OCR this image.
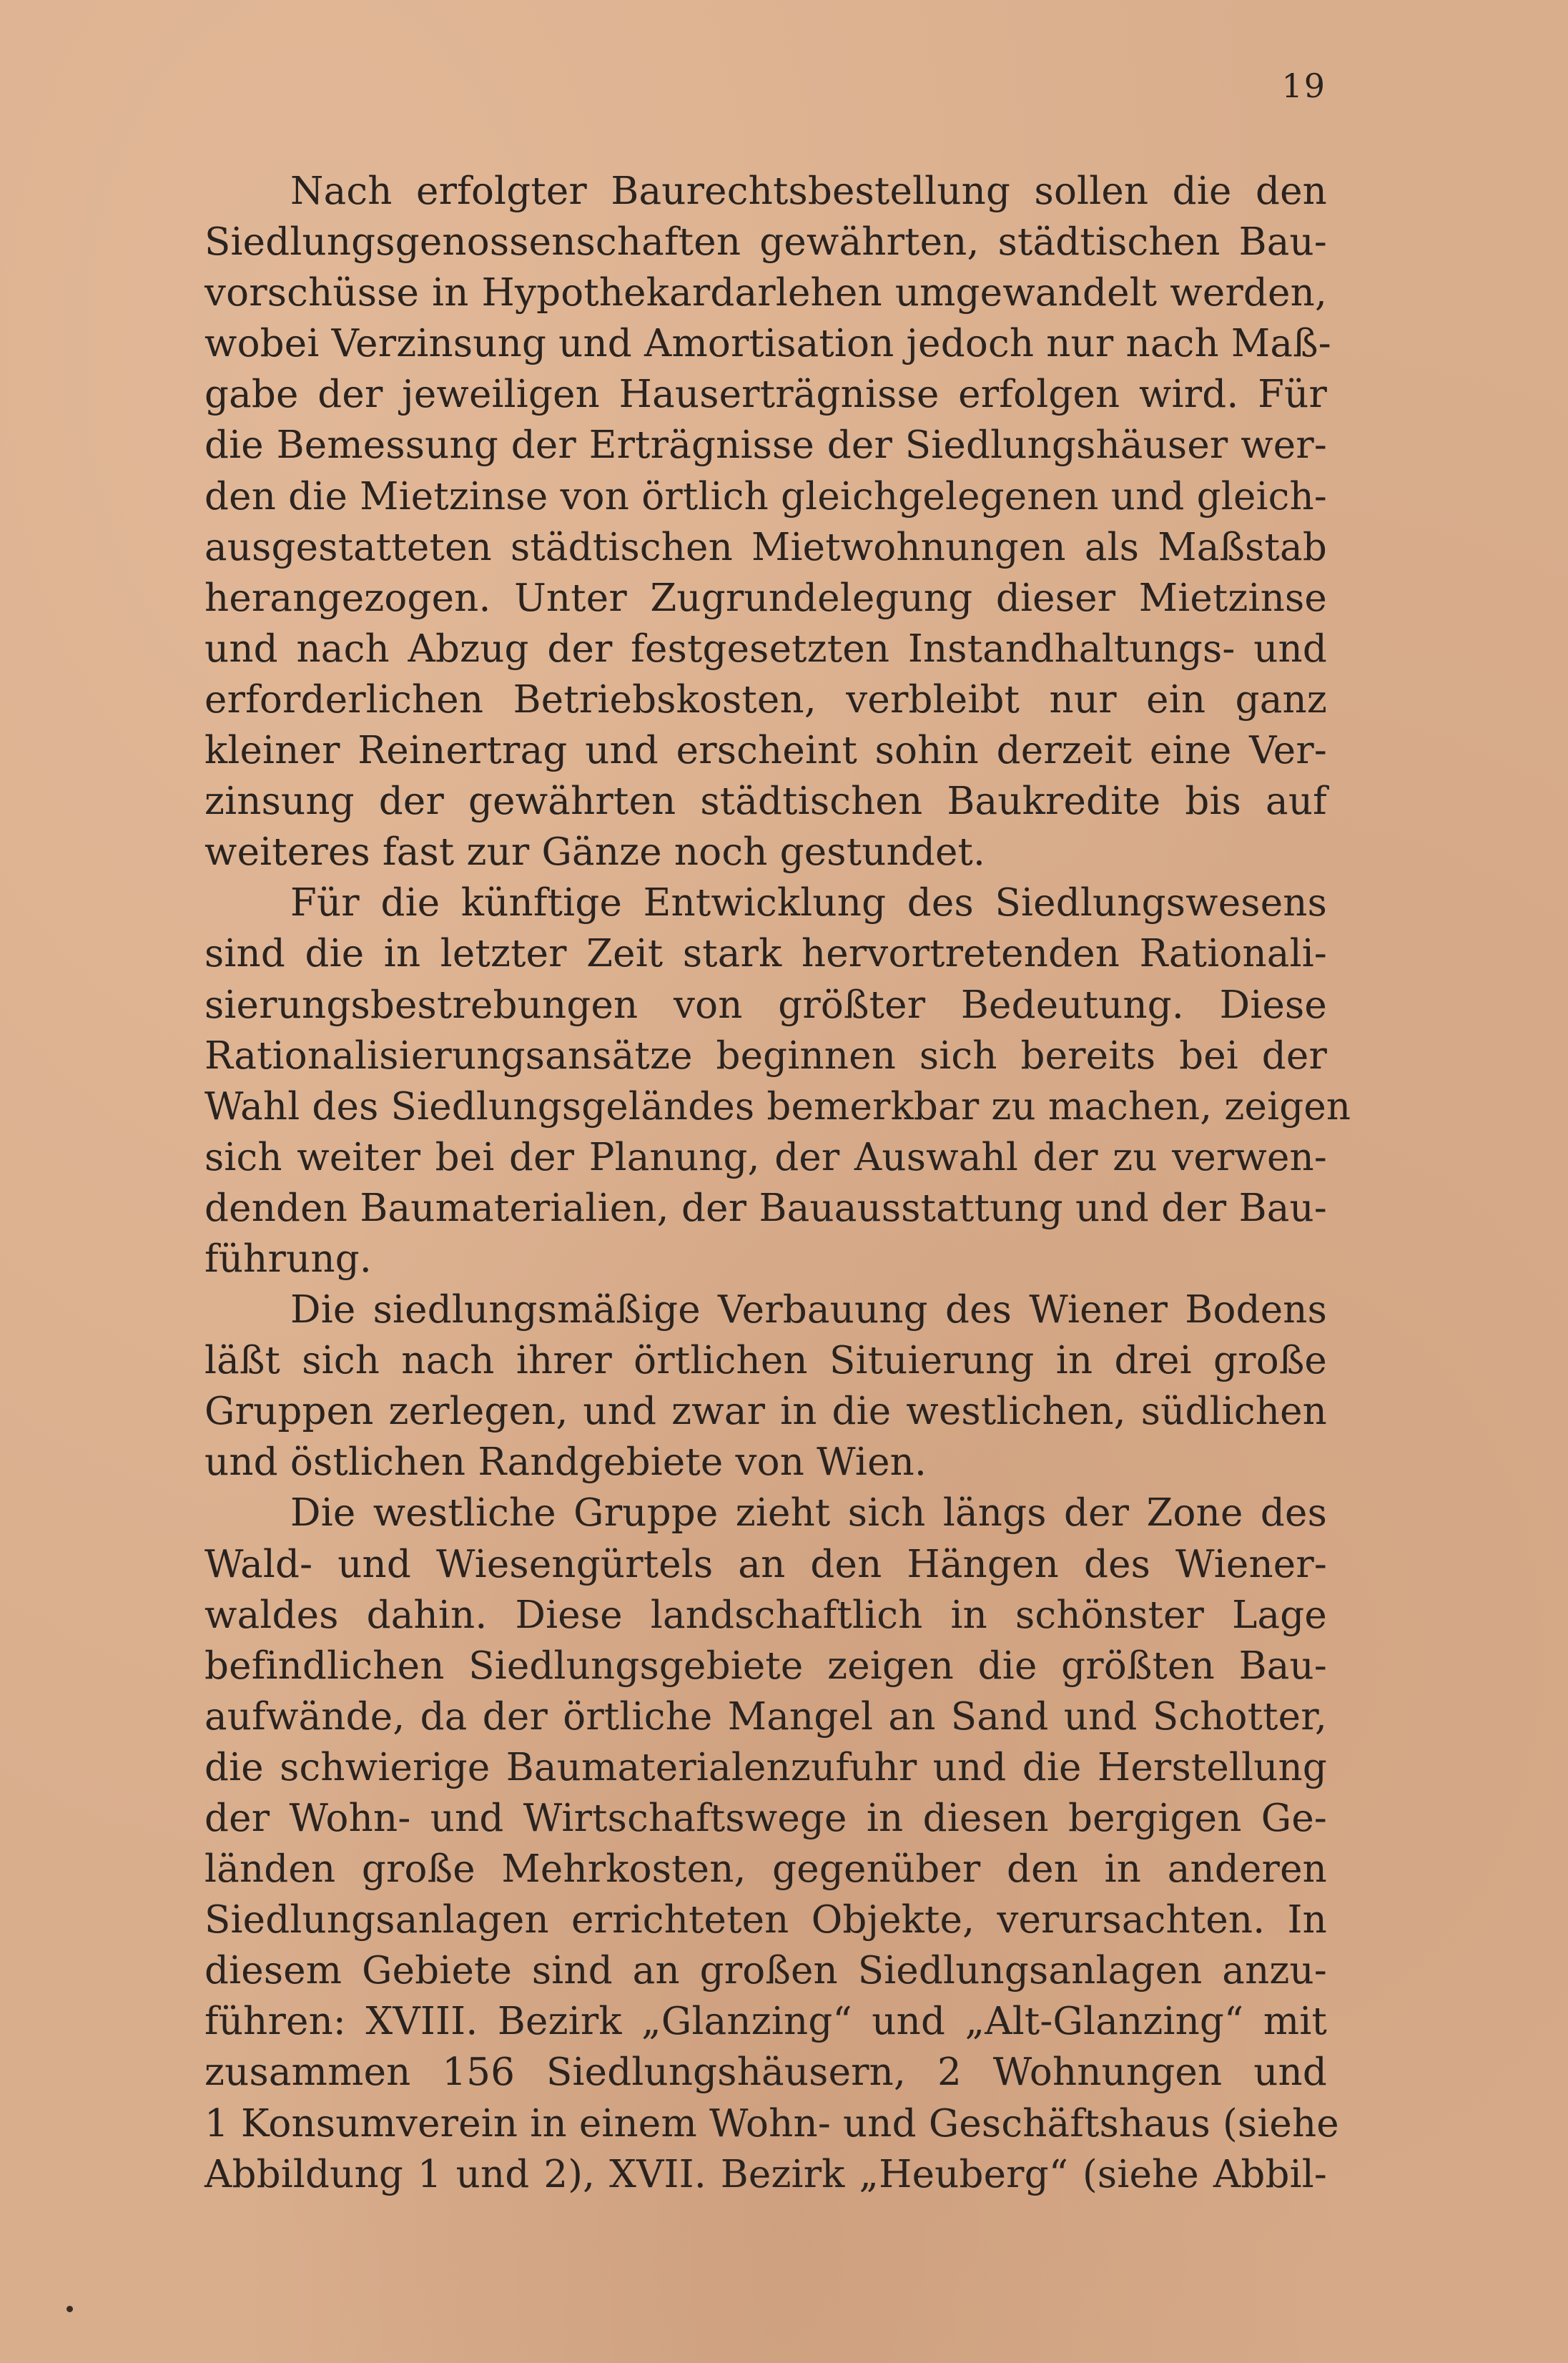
19
Nach erfolgter Baurechtsbestellung sollen die den
Siedlungsgenossenschaften gewährten, städtischen Bau-
vorschüsse in Hypothekardarlehen umgewandelt werden,
wobei Verzinsung und Amortisation jedoch nur nach Maß-
gabe der jeweiligen Hauserträgnisse erfolgen wird. Für
die Bemessung der Erträgnisse der Siedlungshäuser wer-
den die Mietzinse von örtlich gleichgelegenen und gleich-
ausgestatteten städtischen Mietwohnungen als Maßstab
herangezogen. Unter Zugrundelegung dieser Mietzinse
und nach Abzug der festgesetzten Instandhaltungs- und
erforderlichen Betriebskosten, verbleibt nur ein ganz
kleiner Reinertrag und erscheint sohin derzeit eine Ver-
zinsung der gewährten städtischen Baukredite bis auf
weiteres fast zur Gänze noch gestundet.
Für die künftige Entwicklung des Siedlungswesens
sind die in letzter Zeit stark hervortretenden Rationali-
sierungsbestrebungen von größter Bedeutung. Diese
Rationalisierungsansätze beginnen sich bereits bei der
Wahl des Siedlungsgeländes bemerkbar zu machen, zeigen
sich weiter bei der Planung, der Auswahl der zu verwen-
denden Baumaterialien, der Bauausstattung und der Bau-
führung.
Die siedlungsmäßige Verbauung des Wiener Bodens
läßt sich nach ihrer örtlichen Situierung in drei große
Gruppen zerlegen, und zwar in die westlichen, südlichen
und östlichen Randgebiete von Wien.
Die westliche Gruppe zieht sich längs der Zone des
Wald- und Wiesengürtels an den Hängen des Wiener-
waldes dahin. Diese landschaftlich in schönster Lage
befindlichen Siedlungsgebiete zeigen die größten Bau-
aufwände, da der örtliche Mangel an Sand und Schotter,
die schwierige Baumaterialenzufuhr und die Herstellung
der Wohn- und Wirtschaftswege in diesen bergigen Ge-
länden große Mehrkosten, gegenüber den in anderen
Siedlungsanlagen errichteten Objekte, verursachten. In
diesem Gebiete sind an großen Siedlungsanlagen anzu-
führen: XVIII. Bezirk „Glanzing“ und „Alt-Glanzing“ mit
zusammen 156 Siedlungshäusern, 2 Wohnungen und
1 Konsumverein in einem Wohn- und Geschäftshaus (siehe
Abbildung 1 und 2), XVII. Bezirk „Heuberg“ (siehe Abbil-
